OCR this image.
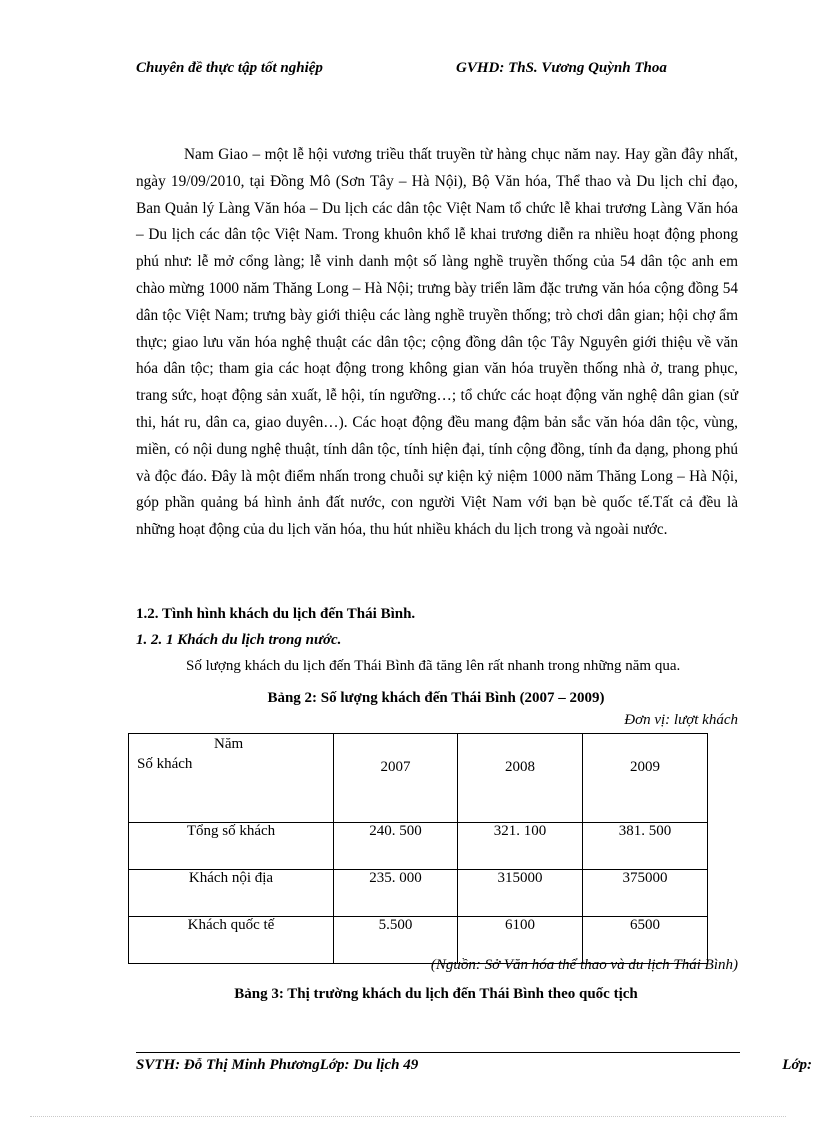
Chuyên đề thực tập tốt nghiệp	GVHD: ThS. Vương Quỳnh Thoa

Nam Giao – một lễ hội vương triều thất truyền từ hàng chục năm nay. Hay gần đây nhất, ngày 19/09/2010, tại Đồng Mô (Sơn Tây – Hà Nội), Bộ Văn hóa, Thể thao và Du lịch chỉ đạo, Ban Quản lý Làng Văn hóa – Du lịch các dân tộc Việt Nam tổ chức lễ khai trương Làng Văn hóa – Du lịch các dân tộc Việt Nam. Trong khuôn khổ lễ khai trương diễn ra nhiều hoạt động phong phú như: lễ mở cổng làng; lễ vinh danh một số làng nghề truyền thống của 54 dân tộc anh em chào mừng 1000 năm Thăng Long – Hà Nội; trưng bày triển lãm đặc trưng văn hóa cộng đồng 54 dân tộc Việt Nam; trưng bày giới thiệu các làng nghề truyền thống; trò chơi dân gian; hội chợ ẩm thực; giao lưu văn hóa nghệ thuật các dân tộc; cộng đồng dân tộc Tây Nguyên giới thiệu về văn hóa dân tộc; tham gia các hoạt động trong không gian văn hóa truyền thống nhà ở, trang phục, trang sức, hoạt động sản xuất, lễ hội, tín ngưỡng…; tổ chức các hoạt động văn nghệ dân gian (sử thi, hát ru, dân ca, giao duyên…). Các hoạt động đều mang đậm bản sắc văn hóa dân tộc, vùng, miền, có nội dung nghệ thuật, tính dân tộc, tính hiện đại, tính cộng đồng, tính đa dạng, phong phú và độc đáo. Đây là một điểm nhấn trong chuỗi sự kiện kỷ niệm 1000 năm Thăng Long – Hà Nội, góp phần quảng bá hình ảnh đất nước, con người Việt Nam với bạn bè quốc tế.Tất cả đều là những hoạt động của du lịch văn hóa, thu hút nhiều khách du lịch trong và ngoài nước.

1.2. Tình hình khách du lịch đến Thái Bình.
1. 2. 1 Khách du lịch trong nước.
Số lượng khách du lịch đến Thái Bình đã tăng lên rất nhanh trong những năm qua.
Bảng 2: Số lượng khách đến Thái Bình (2007 – 2009)
Đơn vị: lượt khách
Năm
Số khách	2007	2008	2009
Tổng số khách	240. 500	321. 100	381. 500
Khách nội địa	235. 000	315000	375000
Khách quốc tế	5.500	6100	6500
(Nguồn: Sở Văn hóa thể thao và du lịch Thái Bình)
Bảng 3: Thị trường khách du lịch đến Thái Bình theo quốc tịch
SVTH: Đỗ Thị Minh PhươngLớp: Du lịch 49	Lớp:
